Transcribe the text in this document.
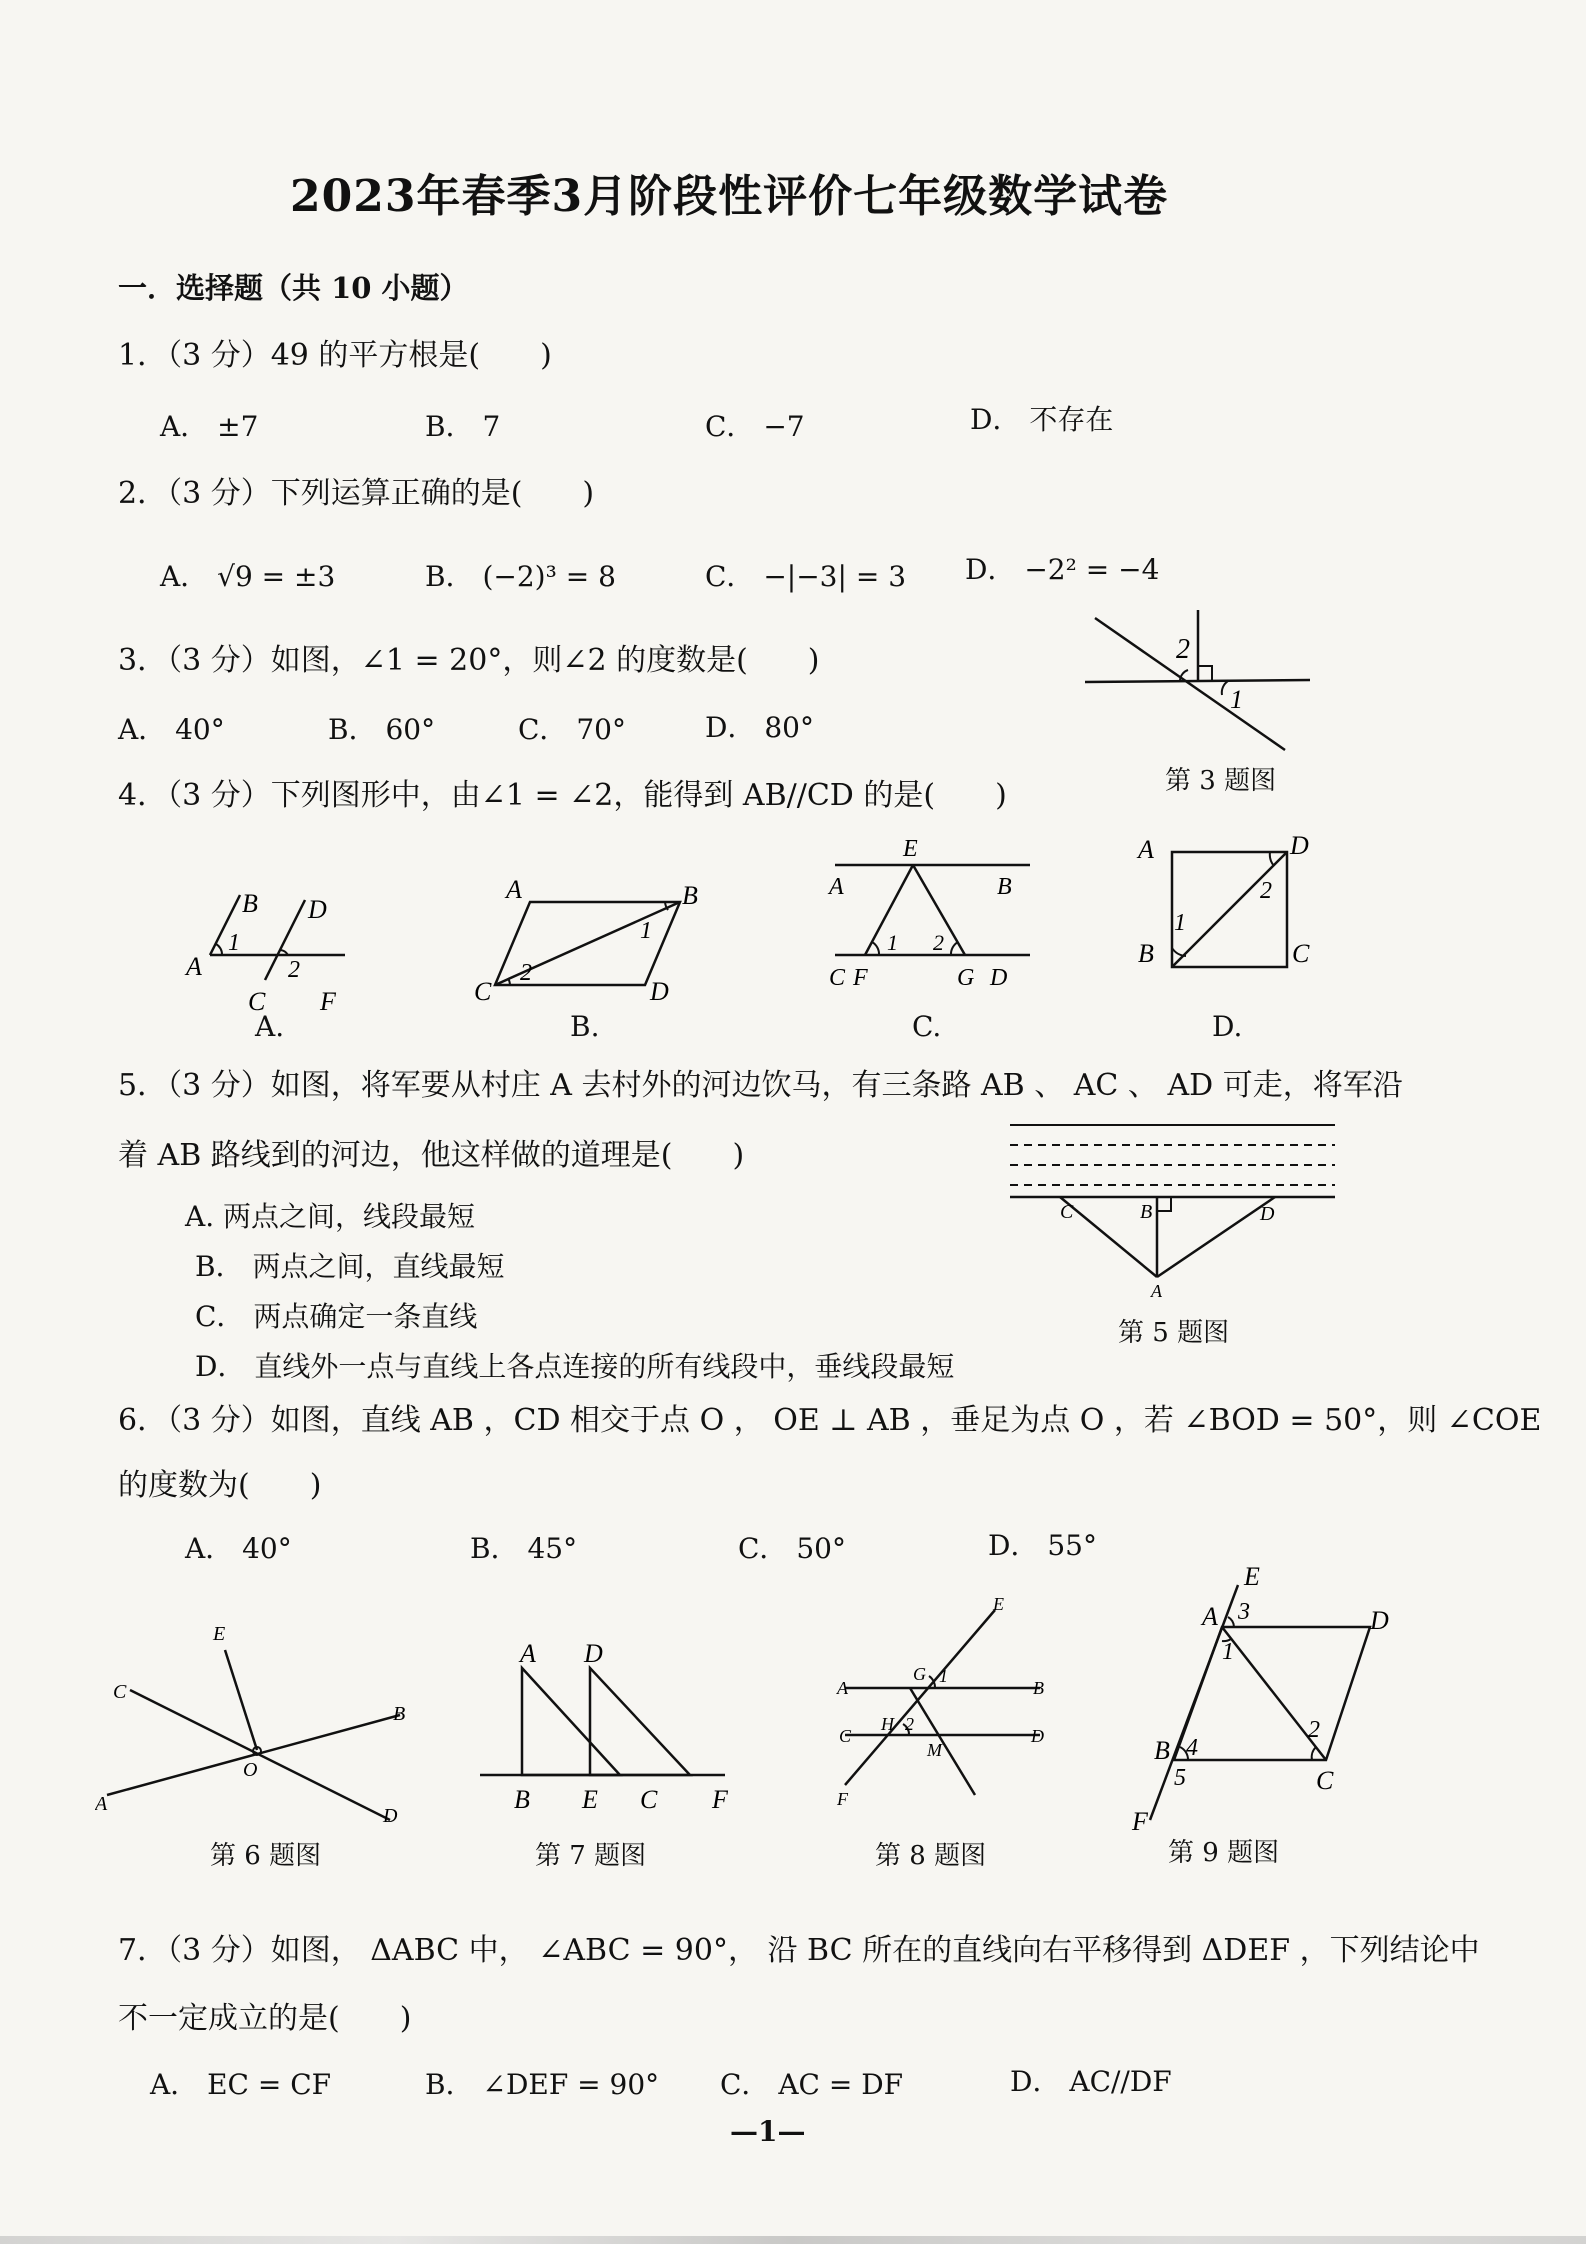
2023年春季3月阶段性评价七年级数学试卷
一．选择题（共 10 小题）
1．（3 分）49 的平方根是(　　)
A． ±7	B． 7	C． −7	D． 不存在
2．（3 分）下列运算正确的是(　　)
A． √9 = ±3	B． (−2)³ = 8	C． −|−3| = 3 D． −2² = −4
3．（3 分）如图，∠1 = 20°，则∠2 的度数是(　　)
A． 40°	B． 60°	C． 70°	D． 80°
2
1
第 3 题图
4．（3 分）下列图形中，由∠1 = ∠2，能得到 AB//CD 的是(　　)
B D
A
1
2
C F
A.
A	B
1
2
C	D
B.
E
A	B
1 2
C F	G D
C.
A	D
1
2
B	C
D.
5．（3 分）如图，将军要从村庄 A 去村外的河边饮马，有三条路 AB 、 AC 、 AD 可走，将军沿
着 AB 路线到的河边，他这样做的道理是(　　)
A. 两点之间，线段最短
B． 两点之间，直线最短
C． 两点确定一条直线
D． 直线外一点与直线上各点连接的所有线段中，垂线段最短
C	B	D
A
第 5 题图
6．（3 分）如图，直线 AB ，CD 相交于点 O ， OE ⊥ AB ，垂足为点 O ，若 ∠BOD = 50°，则 ∠COE
的度数为(　　)
A． 40°	B． 45°	C． 50°	D． 55°
E
C
B
O
A
D
第 6 题图
A D
B E C F
第 7 题图
E
G 1
A	B
H 2
C	D
M
F
第 8 题图
E
A 3	D
1
2
B 4
5	C
F
第 9 题图
7．（3 分）如图， ΔABC 中， ∠ABC = 90°， 沿 BC 所在的直线向右平移得到 ΔDEF ，下列结论中
不一定成立的是(　　)
A． EC = CF	B． ∠DEF = 90° C． AC = DF	D． AC//DF
—1—
